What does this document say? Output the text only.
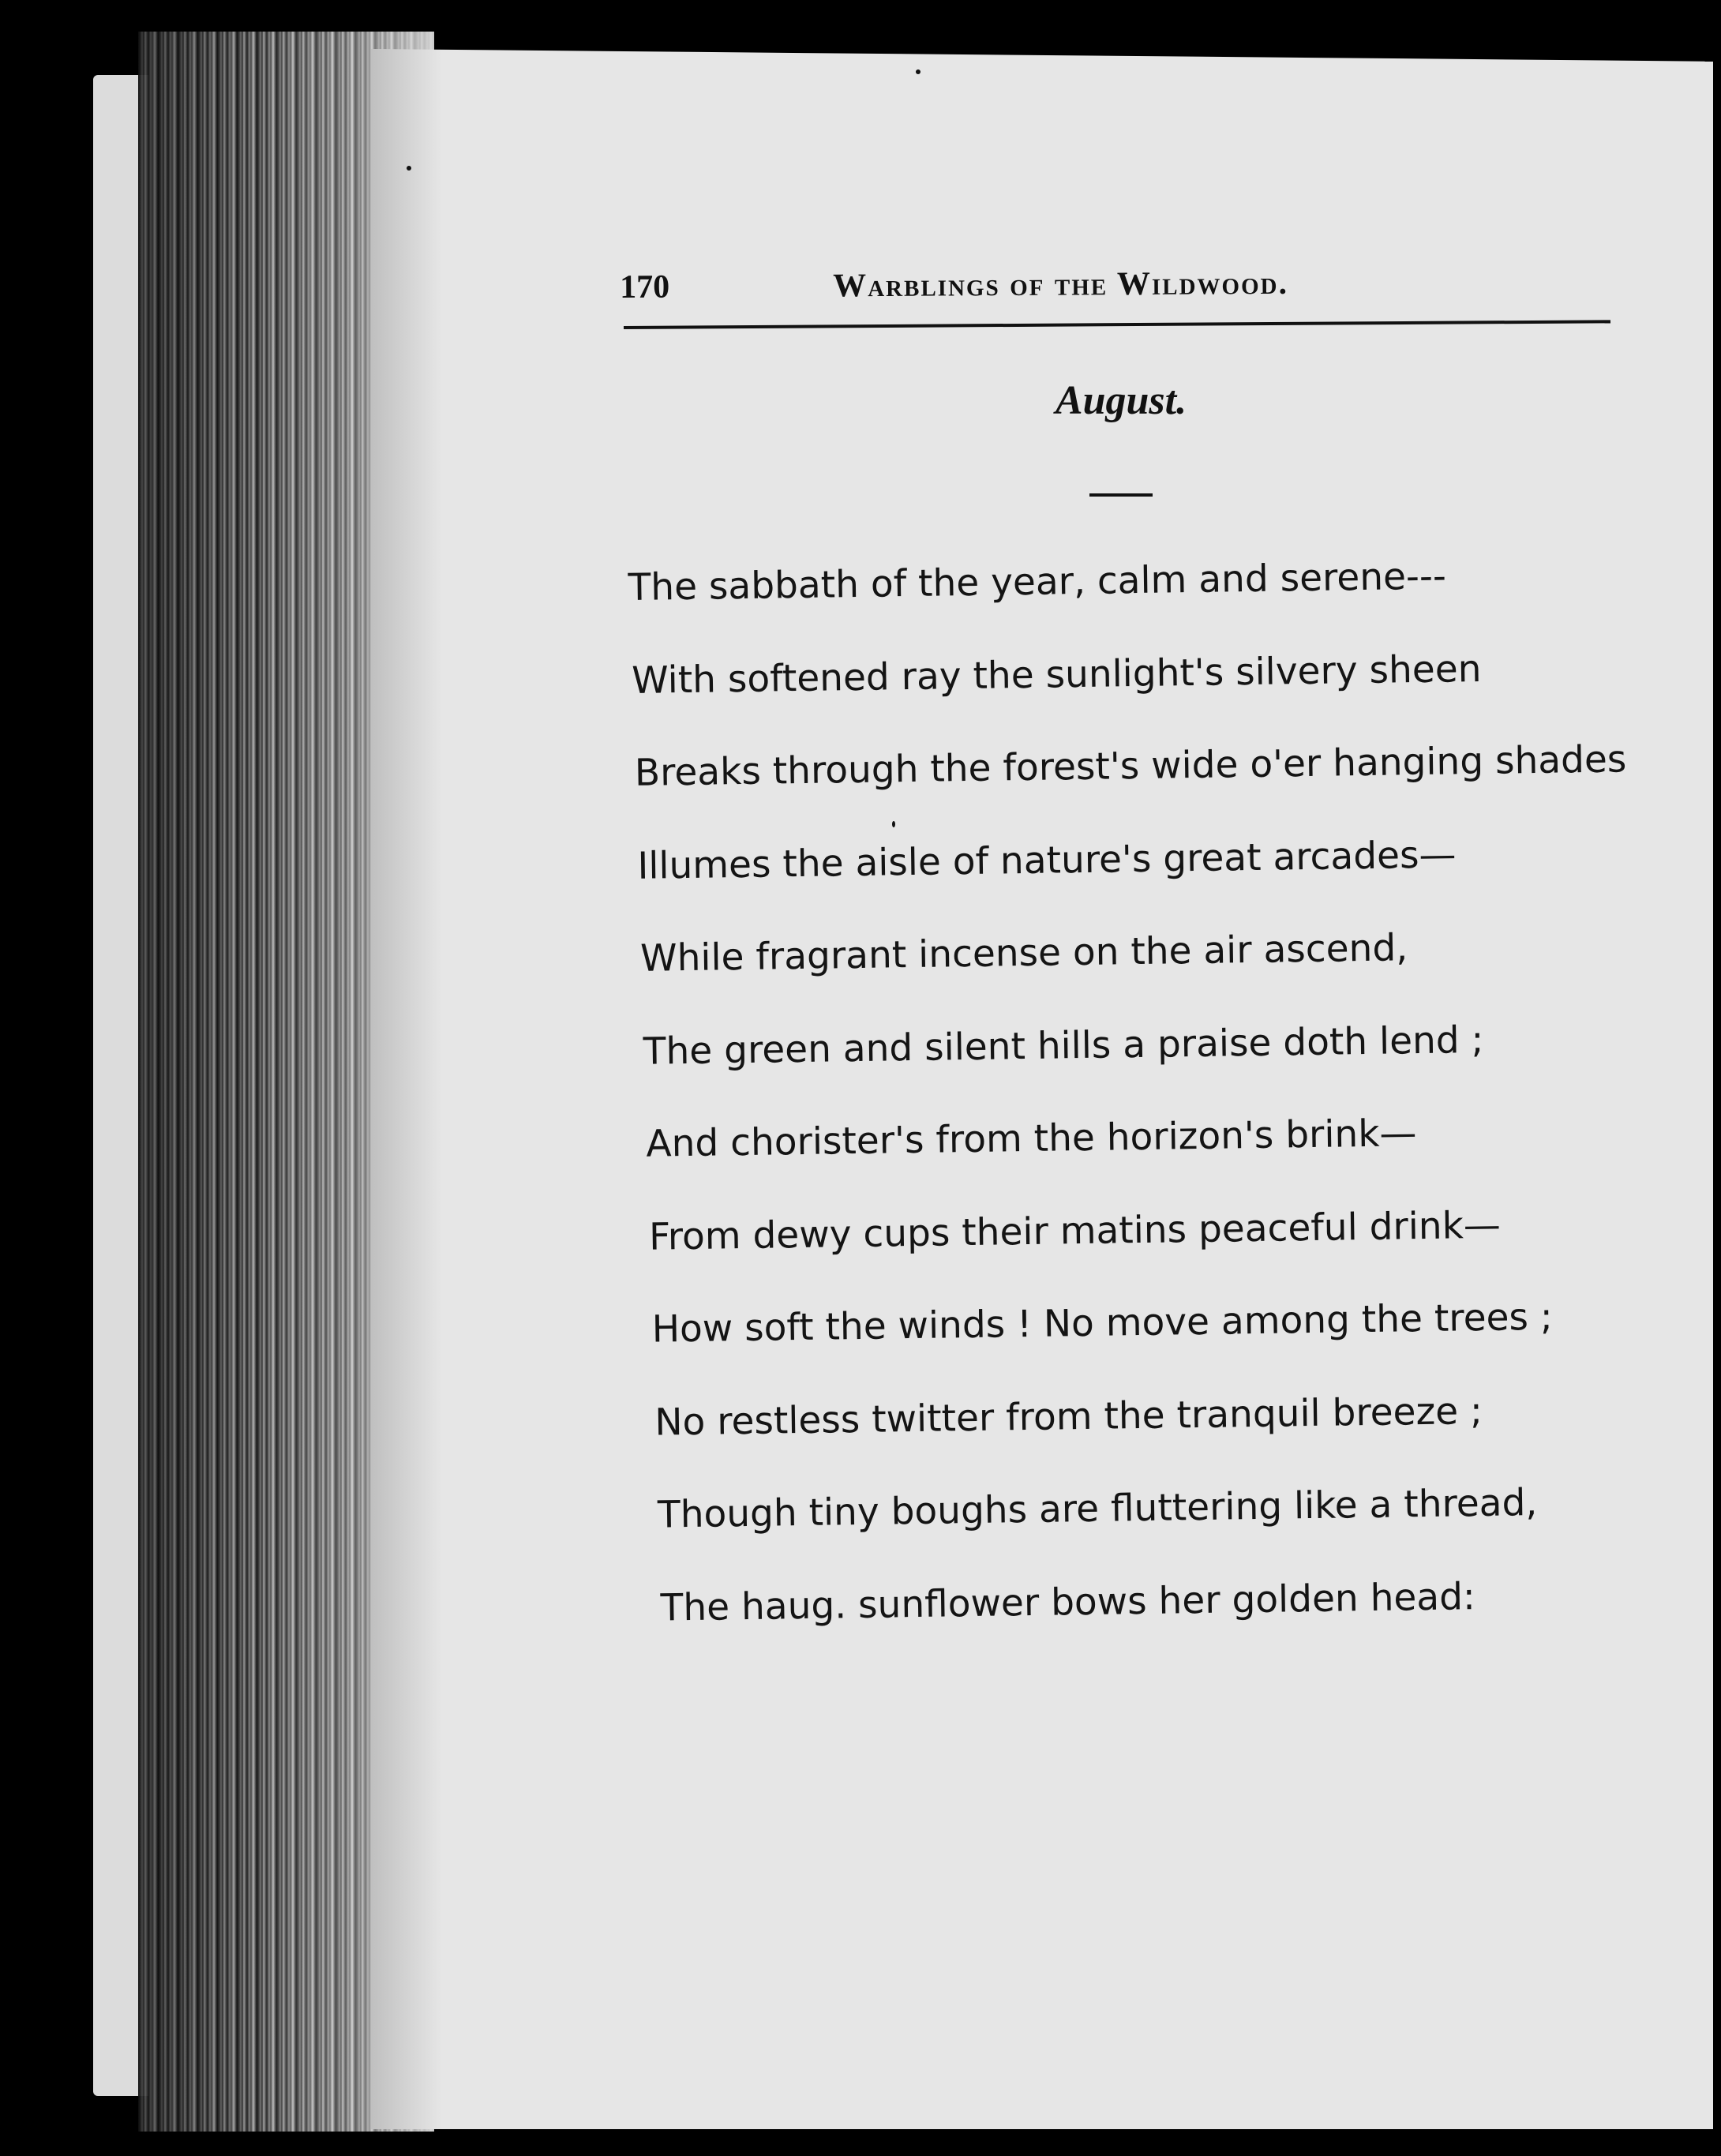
170	Warblings of the Wildwood.
August.
The sabbath of the year, calm and serene---
With softened ray the sunlight's silvery sheen
Breaks through the forest's wide o'er hanging shades
Illumes the aisle of nature's great arcades—
While fragrant incense on the air ascend,
The green and silent hills a praise doth lend ;
And chorister's from the horizon's brink—
From dewy cups their matins peaceful drink—
How soft the winds ! No move among the trees ;
No restless twitter from the tranquil breeze ;
Though tiny boughs are fluttering like a thread,
The haug. sunflower bows her golden head:
